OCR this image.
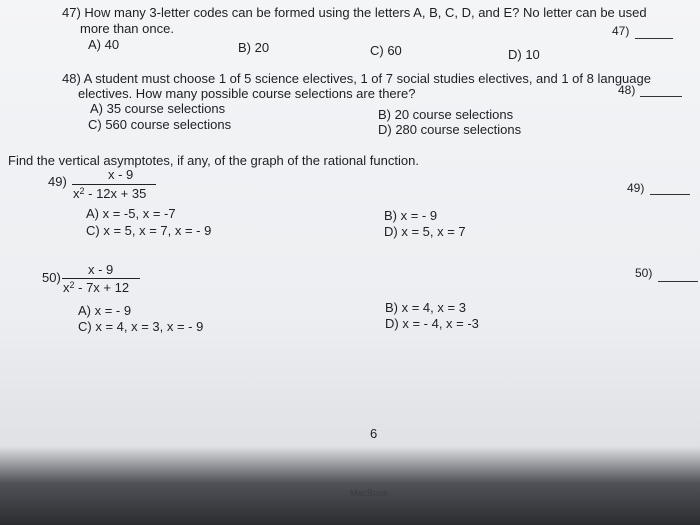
47) How many 3-letter codes can be formed using the letters A, B, C, D, and E? No letter can be used
more than once.
A) 40	B) 20	C) 60	D) 10
47)
48) A student must choose 1 of 5 science electives, 1 of 7 social studies electives, and 1 of 8 language
electives. How many possible course selections are there?
A) 35 course selections	B) 20 course selections
C) 560 course selections	D) 280 course selections
48)
Find the vertical asymptotes, if any, of the graph of the rational function.
49)	x - 9
$x^2 - 12x + 35$
A) x = -5, x = -7	B) x = - 9
C) x = 5, x = 7, x = - 9	D) x = 5, x = 7
49)
50)
x - 9
$x^2 - 7x + 12$
A) x = - 9	B) x = 4, x = 3
C) x = 4, x = 3, x = - 9	D) x = - 4, x = -3
50)
6
MacBook
